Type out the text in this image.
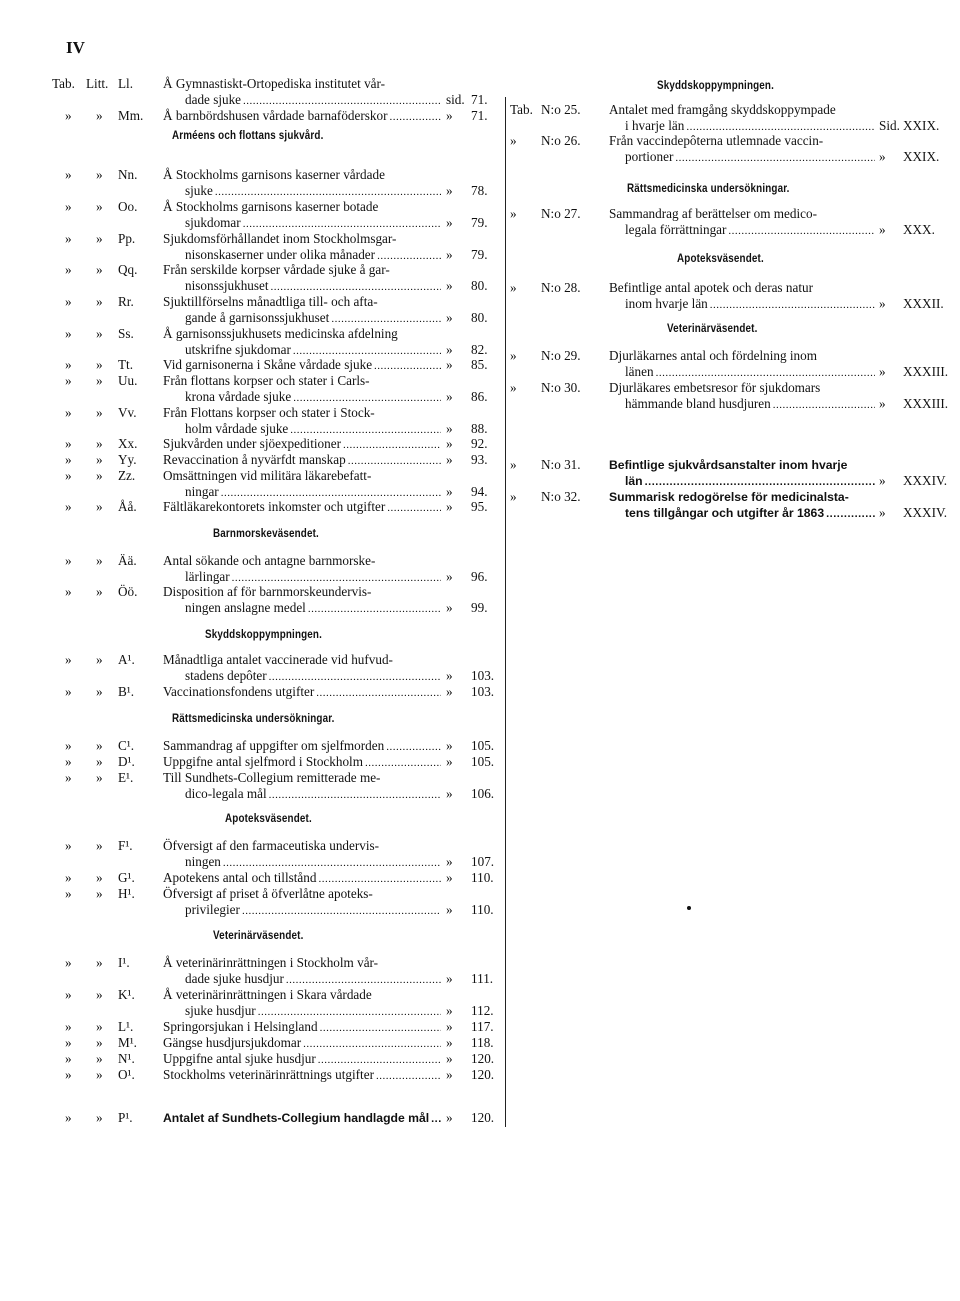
IV
Tab. Litt. Ll. Å Gymnastiskt-Ortopediska institutet vår-
dade sjuke .....	sid. 71.
»	»	Mm. Å barnbördshusen vårdade barnaföderskor .....	» 71.
»	»	Nn. Å Stockholms garnisons kaserner vårdade
sjuke .....	» 78.
»	»	Oo. Å Stockholms garnisons kaserner botade
sjukdomar .....	» 79.
»	»	Pp. Sjukdomsförhållandet inom Stockholmsgar-
nisonskaserner under olika månader .....	» 79.
»	»	Qq. Från serskilde korpser vårdade sjuke å gar-
nisonssjukhuset .....	» 80.
»	»	Rr. Sjuktillförselns månadtliga till- och afta-
gande å garnisonssjukhuset .....	» 80.
»	»	Ss. Å garnisonssjukhusets medicinska afdelning
utskrifne sjukdomar .....	» 82.
»	»	Tt. Vid garnisonerna i Skåne vårdade sjuke .....	» 85.
»	»	Uu. Från flottans korpser och stater i Carls-
krona vårdade sjuke .....	» 86.
»	»	Vv. Från Flottans korpser och stater i Stock-
holm vårdade sjuke .....	» 88.
»	»	Xx. Sjukvården under sjöexpeditioner .....	» 92.
»	»	Yy. Revaccination å nyvärfdt manskap .....	» 93.
»	»	Zz. Omsättningen vid militära läkarebefatt-
ningar .....	» 94.
»	»	Åå. Fältläkarekontorets inkomster och utgifter .....	» 95.
»	»	Ää. Antal sökande och antagne barnmorske-
lärlingar .....	» 96.
»	»	Öö. Disposition af för barnmorskeundervis-
ningen anslagne medel .....	» 99.
»	»	A¹. Månadtliga antalet vaccinerade vid hufvud-
stadens depôter .....	» 103.
»	»	B¹. Vaccinationsfondens utgifter .....	» 103.
»	»	C¹. Sammandrag af uppgifter om sjelfmorden .....	» 105.
»	»	D¹. Uppgifne antal sjelfmord i Stockholm .....	» 105.
»	»	E¹. Till Sundhets-Collegium remitterade me-
dico-legala mål .....	» 106.
»	»	F¹. Öfversigt af den farmaceutiska undervis-
ningen .....	» 107.
»	»	G¹. Apotekens antal och tillstånd .....	» 110.
»	»	H¹. Öfversigt af priset å öfverlåtne apoteks-
privilegier .....	» 110.
»	»	I¹.	Å veterinärinrättningen i Stockholm vår-
dade sjuke husdjur .....	» 111.
»	»	K¹. Å veterinärinrättningen i Skara vårdade
sjuke husdjur .....	» 112.
»	»	L¹. Springorsjukan i Helsingland .....	» 117.
»	»	M¹. Gängse husdjursjukdomar .....	» 118.
»	»	N¹. Uppgifne antal sjuke husdjur .....	» 120.
»	»	O¹. Stockholms veterinärinrättnings utgifter .....	» 120.
»	»	P¹. Antalet af Sundhets-Collegium handlagde mål ..... » 120.
Arméens och flottans sjukvård.
Barnmorskeväsendet.
Skyddskoppympningen.
Rättsmedicinska undersökningar.
Apoteksväsendet.
Veterinärväsendet.
Tab. N:o 25. Antalet med framgång skyddskoppympade
i hvarje län .....	Sid. XXIX.
»	N:o 26. Från vaccindepôterna utlemnade vaccin-
portioner .....	» XXIX.
»	N:o 27. Sammandrag af berättelser om medico-
legala förrättningar .....	» XXX.
»	N:o 28. Befintlige antal apotek och deras natur
inom hvarje län .....	» XXXII.
»	N:o 29. Djurläkarnes antal och fördelning inom
länen .....	» XXXIII.
»	N:o 30. Djurläkares embetsresor för sjukdomars
hämmande bland husdjuren .....	» XXXIII.
»	N:o 31. Befintlige sjukvårdsanstalter inom hvarje
län .....	» XXXIV.
»	N:o 32. Summarisk redogörelse för medicinalsta-
tens tillgångar och utgifter år 1863 .....	» XXXIV.
Skyddskoppympningen.
Rättsmedicinska undersökningar.
Apoteksväsendet.
Veterinärväsendet.
